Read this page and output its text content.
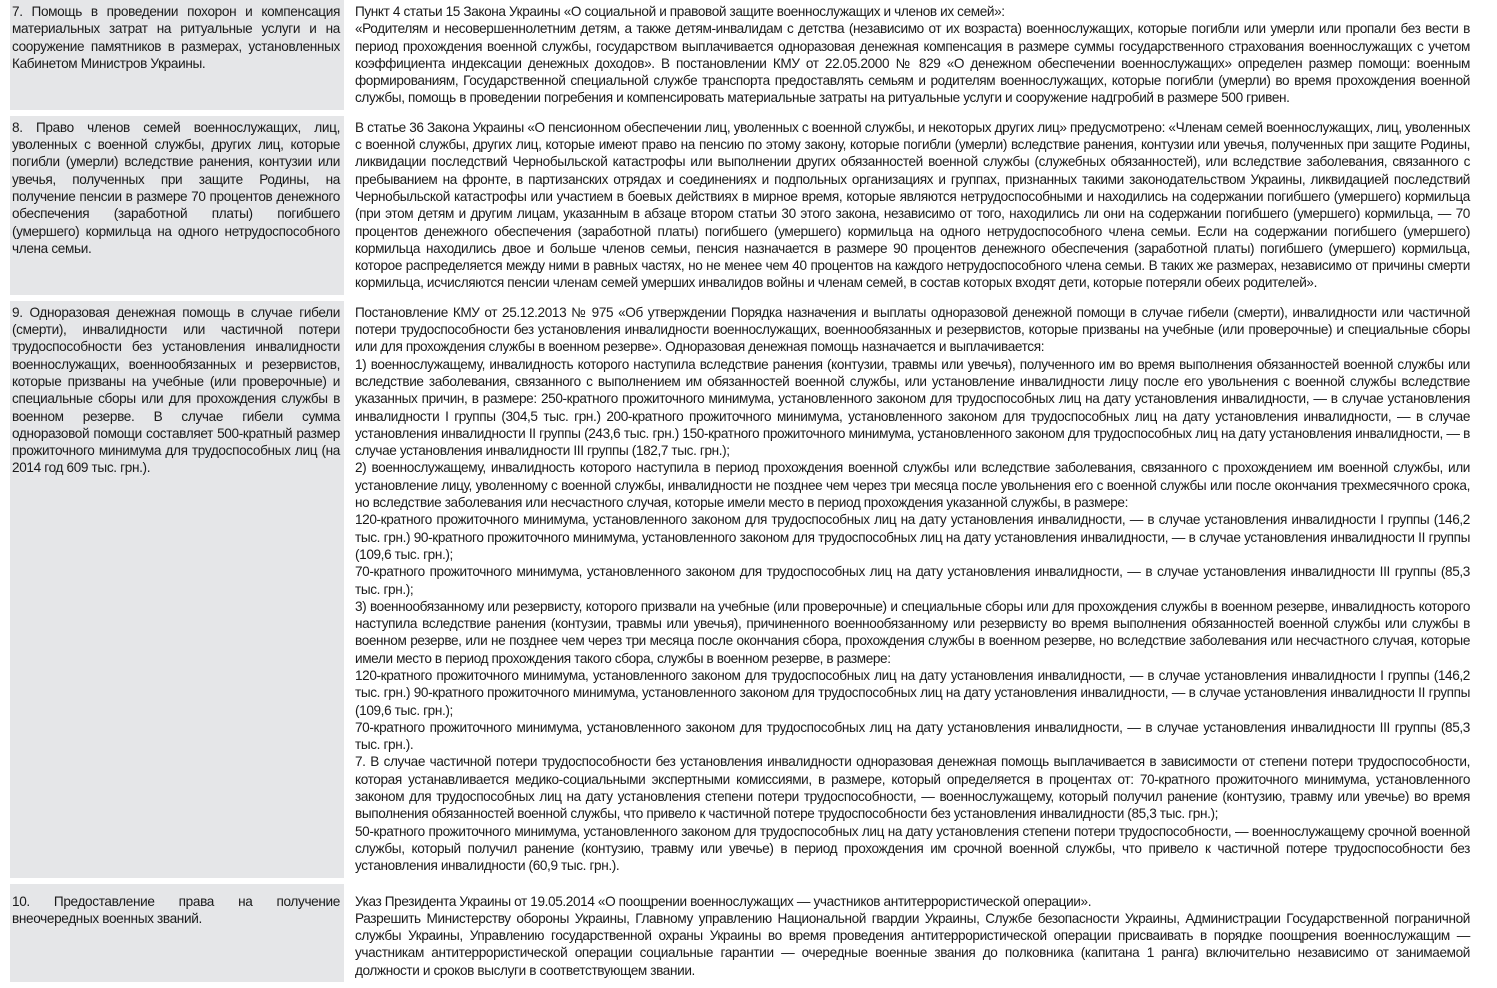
7. Помощь в проведении похорон и компенсация материальных затрат на ритуальные услуги и на сооружение памятников в размерах, установленных Кабинетом Министров Украины.

Пункт 4 статьи 15 Закона Украины «О социальной и правовой защите военнослужащих и членов их семей»:

«Родителям и несовершеннолетним детям, а также детям-инвалидам с детства (независимо от их возраста) военнослужащих, которые погибли или умерли или пропали без вести в период прохождения военной службы, государством выплачивается одноразовая денежная компенсация в размере суммы государственного страхования военнослужащих с учетом коэффициента индексации денежных доходов». В постановлении КМУ от 22.05.2000 № 829 «О денежном обеспечении военнослужащих» определен размер помощи: военным формированиям, Государственной специальной службе транспорта предоставлять семьям и родителям военнослужащих, которые погибли (умерли) во время прохождения военной службы, помощь в проведении погребения и компенсировать материальные затраты на ритуальные услуги и сооружение надгробий в размере 500 гривен.

8. Право членов семей военнослужащих, лиц, уволенных с военной службы, других лиц, которые погибли (умерли) вследствие ранения, контузии или увечья, полученных при защите Родины, на получение пенсии в размере 70 процентов денежного обеспечения (заработной платы) погибшего (умершего) кормильца на одного нетрудоспособного члена семьи.

В статье 36 Закона Украины «О пенсионном обеспечении лиц, уволенных с военной службы, и некоторых других лиц» предусмотрено: «Членам семей военнослужащих, лиц, уволенных с военной службы, других лиц, которые имеют право на пенсию по этому закону, которые погибли (умерли) вследствие ранения, контузии или увечья, полученных при защите Родины, ликвидации последствий Чернобыльской катастрофы или выполнении других обязанностей военной службы (служебных обязанностей), или вследствие заболевания, связанного с пребыванием на фронте, в партизанских отрядах и соединениях и подпольных организациях и группах, признанных такими законодательством Украины, ликвидацией последствий Чернобыльской катастрофы или участием в боевых действиях в мирное время, которые являются нетрудоспособными и находились на содержании погибшего (умершего) кормильца (при этом детям и другим лицам, указанным в абзаце втором статьи 30 этого закона, независимо от того, находились ли они на содержании погибшего (умершего) кормильца, — 70 процентов денежного обеспечения (заработной платы) погибшего (умершего) кормильца на одного нетрудоспособного члена семьи. Если на содержании погибшего (умершего) кормильца находились двое и больше членов семьи, пенсия назначается в размере 90 процентов денежного обеспечения (заработной платы) погибшего (умершего) кормильца, которое распределяется между ними в равных частях, но не менее чем 40 процентов на каждого нетрудоспособного члена семьи. В таких же размерах, независимо от причины смерти кормильца, исчисляются пенсии членам семей умерших инвалидов войны и членам семей, в состав которых входят дети, которые потеряли обеих родителей».

9. Одноразовая денежная помощь в случае гибели (смерти), инвалидности или частичной потери трудоспособности без установления инвалидности военнослужащих, военнообязанных и резервистов, которые призваны на учебные (или проверочные) и специальные сборы или для прохождения службы в военном резерве. В случае гибели сумма одноразовой помощи составляет 500-кратный размер прожиточного минимума для трудоспособных лиц (на 2014 год 609 тыс. грн.).

Постановление КМУ от 25.12.2013 № 975 «Об утверждении Порядка назначения и выплаты одноразовой денежной помощи в случае гибели (смерти), инвалидности или частичной потери трудоспособности без установления инвалидности военнослужащих, военнообязанных и резервистов, которые призваны на учебные (или проверочные) и специальные сборы или для прохождения службы в военном резерве». Одноразовая денежная помощь назначается и выплачивается:

1) военнослужащему, инвалидность которого наступила вследствие ранения (контузии, травмы или увечья), полученного им во время выполнения обязанностей военной службы или вследствие заболевания, связанного с выполнением им обязанностей военной службы, или установление инвалидности лицу после его увольнения с военной службы вследствие указанных причин, в размере: 250-кратного прожиточного минимума, установленного законом для трудоспособных лиц на дату установления инвалидности, — в случае установления инвалидности I группы (304,5 тыс. грн.) 200-кратного прожиточного минимума, установленного законом для трудоспособных лиц на дату установления инвалидности, — в случае установления инвалидности II группы (243,6 тыс. грн.) 150-кратного прожиточного минимума, установленного законом для трудоспособных лиц на дату установления инвалидности, — в случае установления инвалидности III группы (182,7 тыс. грн.);

2) военнослужащему, инвалидность которого наступила в период прохождения военной службы или вследствие заболевания, связанного с прохождением им военной службы, или установление лицу, уволенному с военной службы, инвалидности не позднее чем через три месяца после увольнения его с военной службы или после окончания трехмесячного срока, но вследствие заболевания или несчастного случая, которые имели место в период прохождения указанной службы, в размере:

120-кратного прожиточного минимума, установленного законом для трудоспособных лиц на дату установления инвалидности, — в случае установления инвалидности I группы (146,2 тыс. грн.) 90-кратного прожиточного минимума, установленного законом для трудоспособных лиц на дату установления инвалидности, — в случае установления инвалидности II группы (109,6 тыс. грн.);

70-кратного прожиточного минимума, установленного законом для трудоспособных лиц на дату установления инвалидности, — в случае установления инвалидности III группы (85,3 тыс. грн.);

3) военнообязанному или резервисту, которого призвали на учебные (или проверочные) и специальные сборы или для прохождения службы в военном резерве, инвалидность которого наступила вследствие ранения (контузии, травмы или увечья), причиненного военнообязанному или резервисту во время выполнения обязанностей военной службы или службы в военном резерве, или не позднее чем через три месяца после окончания сбора, прохождения службы в военном резерве, но вследствие заболевания или несчастного случая, которые имели место в период прохождения такого сбора, службы в военном резерве, в размере:

120-кратного прожиточного минимума, установленного законом для трудоспособных лиц на дату установления инвалидности, — в случае установления инвалидности I группы (146,2 тыс. грн.) 90-кратного прожиточного минимума, установленного законом для трудоспособных лиц на дату установления инвалидности, — в случае установления инвалидности II группы (109,6 тыс. грн.);

70-кратного прожиточного минимума, установленного законом для трудоспособных лиц на дату установления инвалидности, — в случае установления инвалидности III группы (85,3 тыс. грн.).

7. В случае частичной потери трудоспособности без установления инвалидности одноразовая денежная помощь выплачивается в зависимости от степени потери трудоспособности, которая устанавливается медико-социальными экспертными комиссиями, в размере, который определяется в процентах от: 70-кратного прожиточного минимума, установленного законом для трудоспособных лиц на дату установления степени потери трудоспособности, — военнослужащему, который получил ранение (контузию, травму или увечье) во время выполнения обязанностей военной службы, что привело к частичной потере трудоспособности без установления инвалидности (85,3 тыс. грн.);

50-кратного прожиточного минимума, установленного законом для трудоспособных лиц на дату установления степени потери трудоспособности, — военнослужащему срочной военной службы, который получил ранение (контузию, травму или увечье) в период прохождения им срочной военной службы, что привело к частичной потере трудоспособности без установления инвалидности (60,9 тыс. грн.).

10. Предоставление права на получение внеочередных военных званий.

Указ Президента Украины от 19.05.2014 «О поощрении военнослужащих — участников антитеррористической операции».

Разрешить Министерству обороны Украины, Главному управлению Национальной гвардии Украины, Службе безопасности Украины, Администрации Государственной пограничной службы Украины, Управлению государственной охраны Украины во время проведения антитеррористической операции присваивать в порядке поощрения военнослужащим — участникам антитеррористической операции социальные гарантии — очередные военные звания до полковника (капитана 1 ранга) включительно независимо от занимаемой должности и сроков выслуги в соответствующем звании.
